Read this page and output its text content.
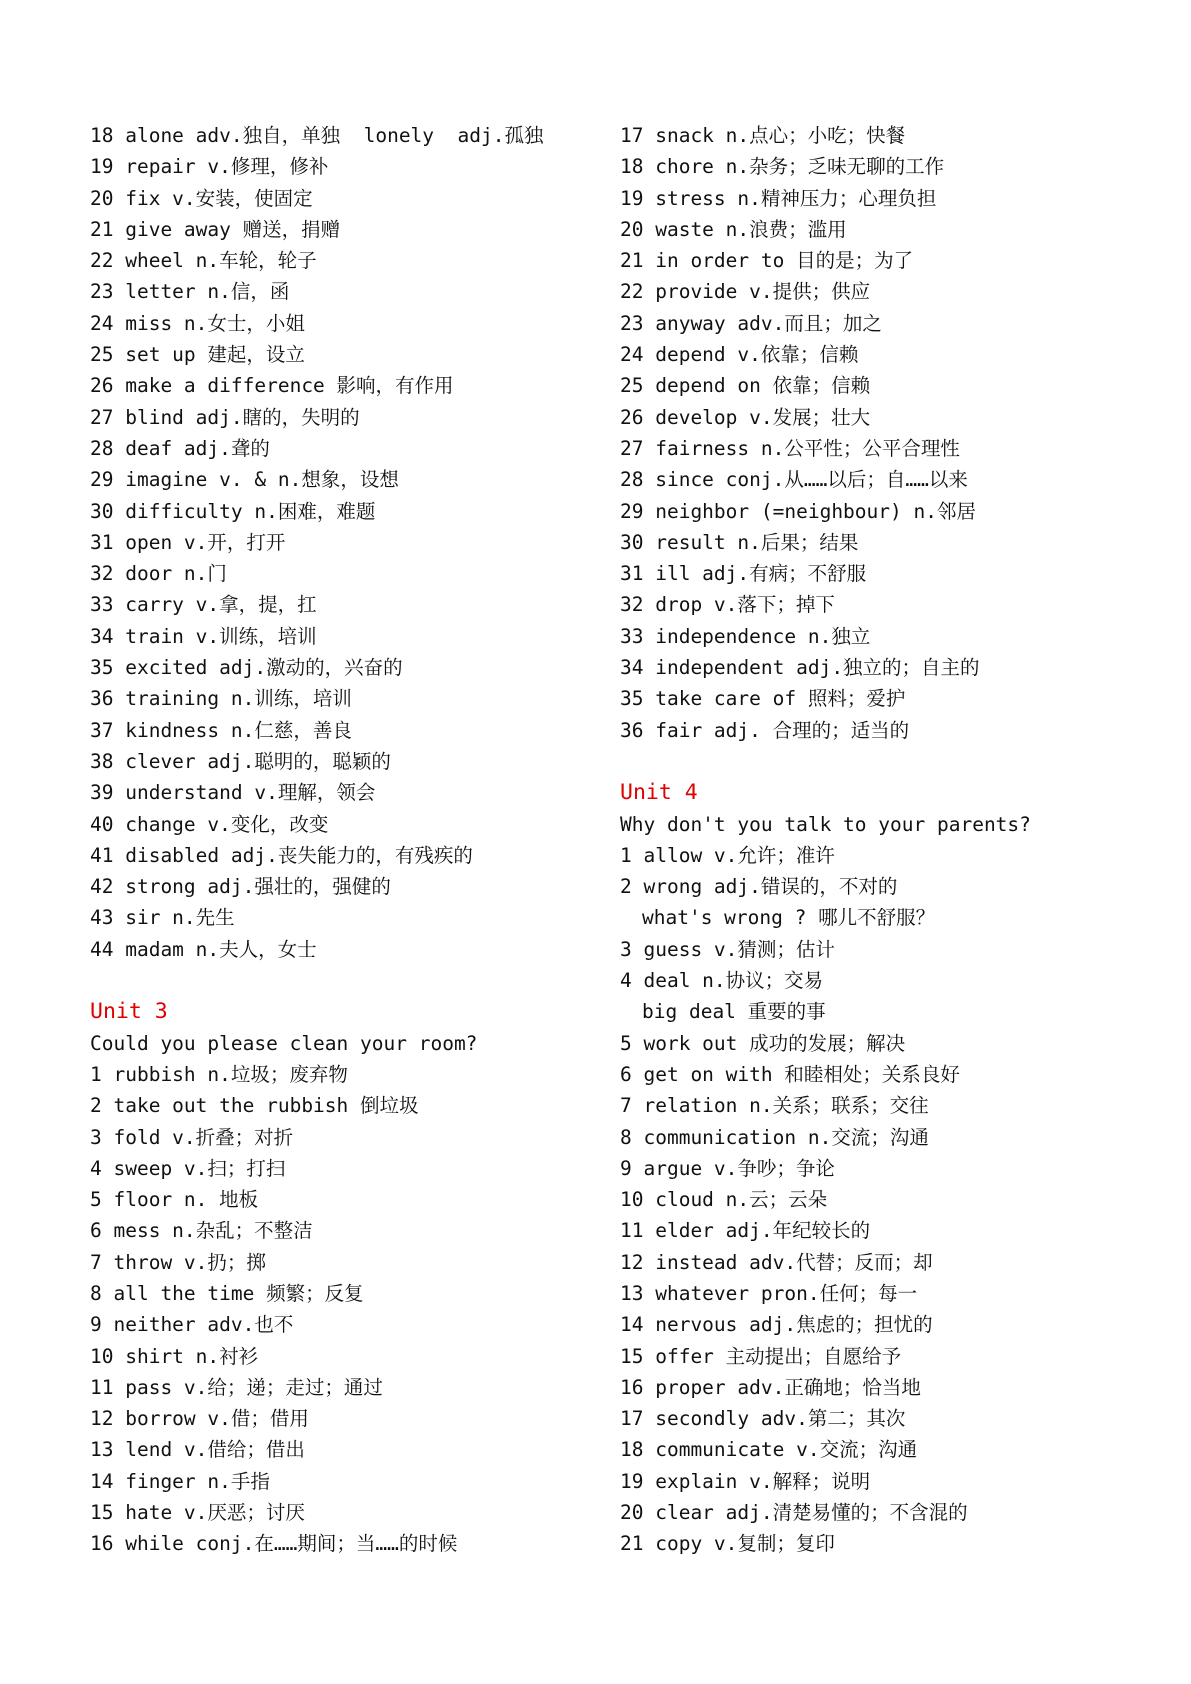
18 alone adv.独自，单独  lonely  adj.孤独
19 repair v.修理，修补
20 fix v.安装，使固定
21 give away 赠送，捐赠
22 wheel n.车轮，轮子
23 letter n.信，函
24 miss n.女士，小姐
25 set up 建起，设立
26 make a difference 影响，有作用
27 blind adj.瞎的，失明的
28 deaf adj.聋的
29 imagine v. & n.想象，设想
30 difficulty n.困难，难题
31 open v.开，打开
32 door n.门
33 carry v.拿，提，扛
34 train v.训练，培训
35 excited adj.激动的，兴奋的
36 training n.训练，培训
37 kindness n.仁慈，善良
38 clever adj.聪明的，聪颖的
39 understand v.理解，领会
40 change v.变化，改变
41 disabled adj.丧失能力的，有残疾的
42 strong adj.强壮的，强健的
43 sir n.先生
44 madam n.夫人，女士
Unit 3
Could you please clean your room?
1 rubbish n.垃圾；废弃物
2 take out the rubbish 倒垃圾
3 fold v.折叠；对折
4 sweep v.扫；打扫
5 floor n. 地板
6 mess n.杂乱；不整洁
7 throw v.扔；掷
8 all the time 频繁；反复
9 neither adv.也不
10 shirt n.衬衫
11 pass v.给；递；走过；通过
12 borrow v.借；借用
13 lend v.借给；借出
14 finger n.手指
15 hate v.厌恶；讨厌
16 while conj.在……期间；当……的时候
17 snack n.点心；小吃；快餐
18 chore n.杂务；乏味无聊的工作
19 stress n.精神压力；心理负担
20 waste n.浪费；滥用
21 in order to 目的是；为了
22 provide v.提供；供应
23 anyway adv.而且；加之
24 depend v.依靠；信赖
25 depend on 依靠；信赖
26 develop v.发展；壮大
27 fairness n.公平性；公平合理性
28 since conj.从……以后；自……以来
29 neighbor (=neighbour) n.邻居
30 result n.后果；结果
31 ill adj.有病；不舒服
32 drop v.落下；掉下
33 independence n.独立
34 independent adj.独立的；自主的
35 take care of 照料；爱护
36 fair adj. 合理的；适当的
Unit 4
Why don't you talk to your parents?
1 allow v.允许；准许
2 wrong adj.错误的，不对的
what's wrong ? 哪儿不舒服？
3 guess v.猜测；估计
4 deal n.协议；交易
big deal 重要的事
5 work out 成功的发展；解决
6 get on with 和睦相处；关系良好
7 relation n.关系；联系；交往
8 communication n.交流；沟通
9 argue v.争吵；争论
10 cloud n.云；云朵
11 elder adj.年纪较长的
12 instead adv.代替；反而；却
13 whatever pron.任何；每一
14 nervous adj.焦虑的；担忧的
15 offer 主动提出；自愿给予
16 proper adv.正确地；恰当地
17 secondly adv.第二；其次
18 communicate v.交流；沟通
19 explain v.解释；说明
20 clear adj.清楚易懂的；不含混的
21 copy v.复制；复印
